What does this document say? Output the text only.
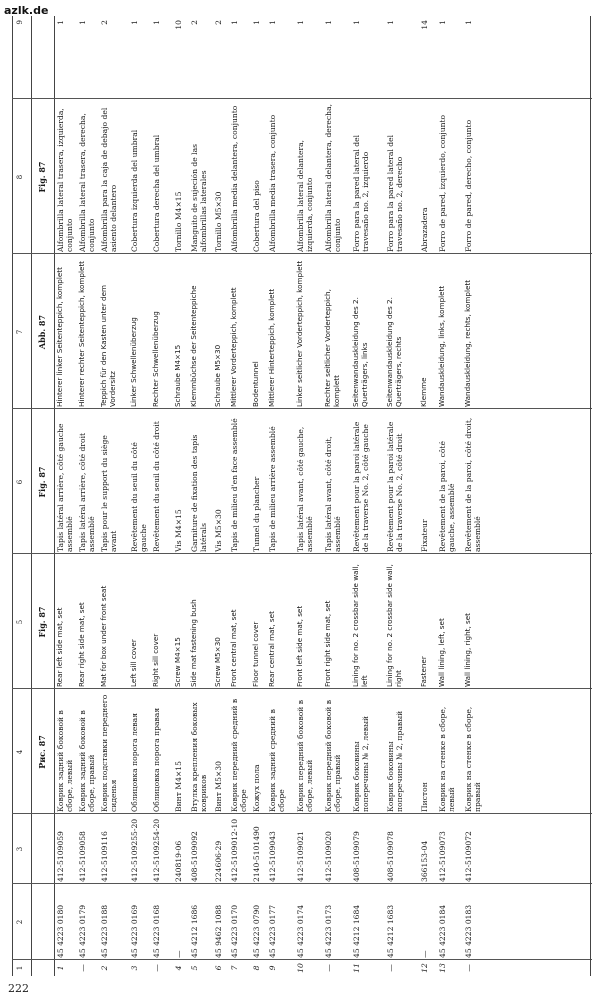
azlk.de
1
2
3
4
5
6
7
8
9
Рис. 87
Fig. 87
Fig. 87
Abb. 87
Fig. 87
1
45 4223 0180
412-5109059
Коврик задний боковой в сборе, левый
Rear left side mat, set
Tapis latéral arrière, côté gauche assemblé
Hinterer linker Seitenteppich, komplett
Alfombrilla lateral trasera, izquierda, conjunto
1
—
45 4223 0179
412-5109058
Коврик задний боковой в сборе, правый
Rear right side mat, set
Tapis latéral arrière, côté droit assemblé
Hinterer rechter Seitenteppich, komplett
Alfombrilla lateral trasera, derecha, conjunto
1
2
45 4223 0188
412-5109116
Коврик подставки переднего сиденья
Mat for box under front seat
Tapis pour le support du siège avant
Teppich für den Kasten unter dem Vordersitz
Alfombrilla para la caja de debajo del asiento delantero
2
3
45 4223 0169
412-5109255-20
Облицовка порога левая
Left sill cover
Revêtement du seuil du côté gauche
Linker Schwellenüberzug
Cobertura izquierda del umbral
1
—
45 4223 0168
412-5109254-20
Облицовка порога правая
Right sill cover
Revêtement du seuil du côté droit
Rechter Schwellenüberzug
Cobertura derecha del umbral
1
4
—
240819-06
Винт М4×15
Screw M4×15
Vis M4×15
Schraube M4×15
Tornillo M4×15
10
5
45 4212 1686
408-5109092
Втулка крепления боковых ковриков
Side mat fastening bush
Garniture de fixation des tapis latérals
Klemmbüchse der Seitenteppiche
Manguito de sujeción de las alfombrillas laterales
2
6
45 9462 1088
224606-29
Винт М5×30
Screw M5×30
Vis M5×30
Schraube M5×30
Tornillo M5×30
2
7
45 4223 0170
412-5109012-10
Коврик передний средний в сборе
Front central mat, set
Tapis de milieu d'en face assemblé
Mittlerer Vorderteppich, komplett
Alfombrilla media delantera, conjunto
1
8
45 4223 0790
2140-5101490
Кожух пола
Floor tunnel cover
Tunnel du plancher
Bodentunnel
Cobertura del piso
1
9
45 4223 0177
412-5109043
Коврик задний средний в сборе
Rear central mat, set
Tapis de milieu arrière assemblé
Mittlerer Hinterteppich, komplett
Alfombrilla media trasera, conjunto
1
10
45 4223 0174
412-5109021
Коврик передний боковой в сборе, левый
Front left side mat, set
Tapis latéral avant, côté gauche, assemblé
Linker seitlicher Vorderteppich, komplett
Alfombrilla lateral delantera, izquierda, conjunto
1
—
45 4223 0173
412-5109020
Коврик передний боковой в сборе, правый
Front right side mat, set
Tapis latéral avant, côté droit, assemblé
Rechter seitlicher Vorderteppich, komplett
Alfombrilla lateral delantera, derecha, conjunto
1
11
45 4212 1684
408-5109079
Коврик боковины поперечины № 2, левый
Lining for no. 2 crossbar side wall, left
Revêtement pour la paroi latérale de la traverse No. 2, côté gauche
Seitenwandauskleidung des 2. Querträgers, links
Forro para la pared lateral del travesaño no. 2, izquierdo
1
—
45 4212 1683
408-5109078
Коврик боковины поперечины № 2, правый
Lining for no. 2 crossbar side wall, right
Revêtement pour la paroi latérale de la traverse No. 2, côté droit
Seitenwandauskleidung des 2. Querträgers, rechts
Forro para la pared lateral del travesaño no. 2, derecho
1
12
—
366153-04
Пистон
Fastener
Fixateur
Klemme
Abrazadera
14
13
45 4223 0184
412-5109073
Коврик на стенке в сборе, левый
Wall lining, left, set
Revêtement de la paroi, côté gauche, assemblé
Wandauskleidung, links, komplett
Forro de pared, izquierdo, conjunto
1
—
45 4223 0183
412-5109072
Коврик на стенке в сборе, правый
Wall lining, right, set
Revêtement de la paroi, côté droit, assemblé
Wandauskleidung, rechts, komplett
Forro de pared, derecho, conjunto
1
222
